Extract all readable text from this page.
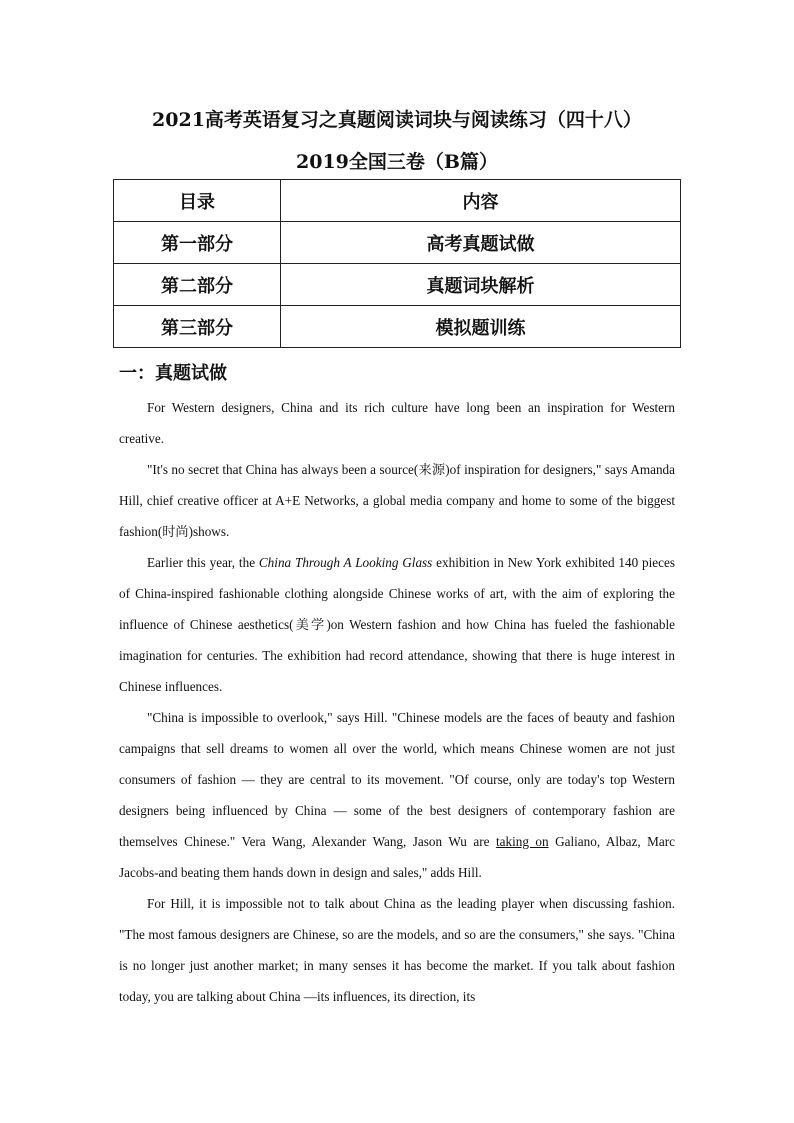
2021高考英语复习之真题阅读词块与阅读练习（四十八）
2019全国三卷（B篇）
目录	内容
第一部分	高考真题试做
第二部分	真题词块解析
第三部分	模拟题训练
一：真题试做

For Western designers, China and its rich culture have long been an inspiration for Western creative.

"It's no secret that China has always been a source(来源)of inspiration for designers," says Amanda Hill, chief creative officer at A+E Networks, a global media company and home to some of the biggest fashion(时尚)shows.

Earlier this year, the China Through A Looking Glass exhibition in New York exhibited 140 pieces of China-inspired fashionable clothing alongside Chinese works of art, with the aim of exploring the influence of Chinese aesthetics(美学)on Western fashion and how China has fueled the fashionable imagination for centuries. The exhibition had record attendance, showing that there is huge interest in Chinese influences.

"China is impossible to overlook," says Hill. "Chinese models are the faces of beauty and fashion campaigns that sell dreams to women all over the world, which means Chinese women are not just consumers of fashion — they are central to its movement. "Of course, only are today's top Western designers being influenced by China — some of the best designers of contemporary fashion are themselves Chinese." Vera Wang, Alexander Wang, Jason Wu are taking on Galiano, Albaz, Marc Jacobs-and beating them hands down in design and sales," adds Hill.

For Hill, it is impossible not to talk about China as the leading player when discussing fashion. "The most famous designers are Chinese, so are the models, and so are the consumers," she says. "China is no longer just another market; in many senses it has become the market. If you talk about fashion today, you are talking about China —its influences, its direction, its
